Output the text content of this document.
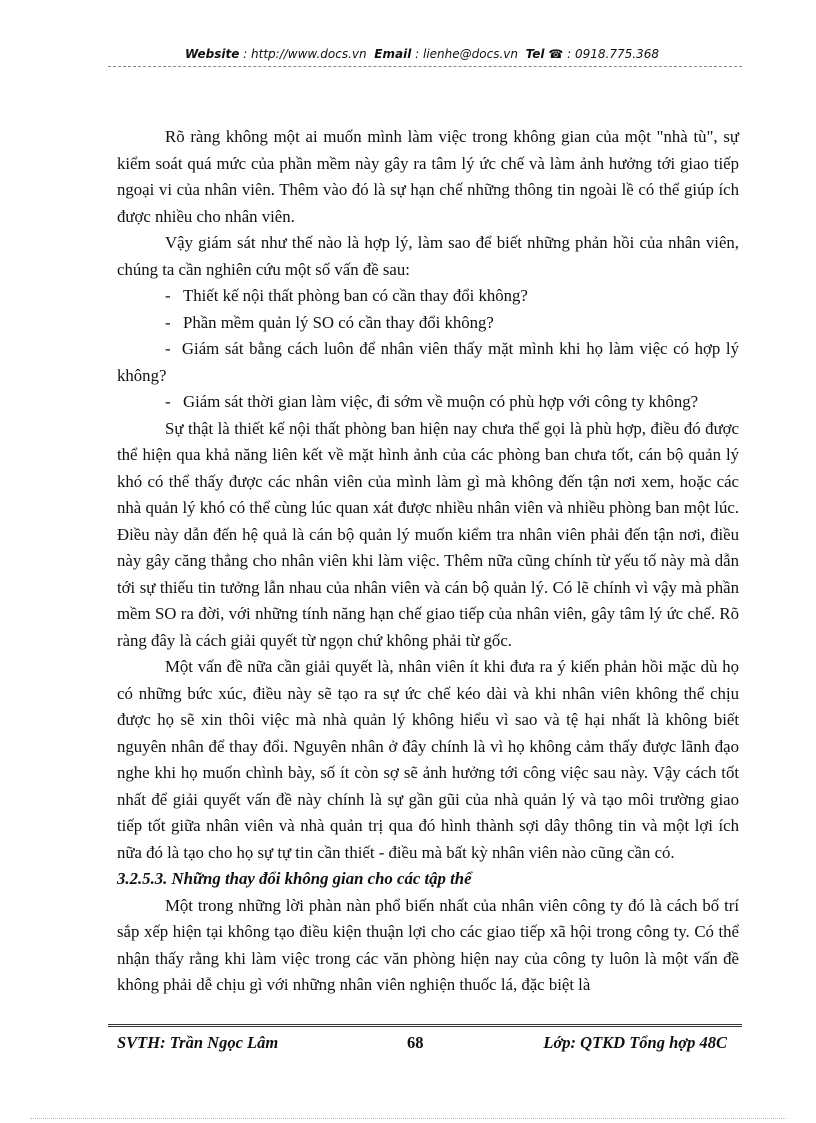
Website : http://www.docs.vn Email : lienhe@docs.vn Tel ☎ : 0918.775.368

Rõ ràng không một ai muốn mình làm việc trong không gian của một "nhà tù", sự kiểm soát quá mức của phần mềm này gây ra tâm lý ức chế và làm ảnh hưởng tới giao tiếp ngoại vi của nhân viên. Thêm vào đó là sự hạn chế những thông tin ngoài lề có thể giúp ích được nhiều cho nhân viên.

Vậy giám sát như thế nào là hợp lý, làm sao để biết những phản hồi của nhân viên, chúng ta cần nghiên cứu một số vấn đề sau:

- Thiết kế nội thất phòng ban có cần thay đổi không?

- Phần mềm quản lý SO có cần thay đổi không?

-  Giám sát bằng cách luôn để nhân viên thấy mặt mình khi họ làm việc có hợp lý không?

- Giám sát thời gian làm việc, đi sớm về muộn có phù hợp với công ty không?

Sự thật là thiết kế nội thất phòng ban hiện nay chưa thể gọi là phù hợp, điều đó được thể hiện qua khả năng liên kết về mặt hình ảnh của các phòng ban chưa tốt, cán bộ quản lý khó có thể thấy được các nhân viên của mình làm gì mà không đến tận nơi xem, hoặc các nhà quản lý khó có thể cùng lúc quan xát được nhiều nhân viên và nhiều phòng ban một lúc. Điều này dẫn đến hệ quả là cán bộ quản lý muốn kiểm tra nhân viên phải đến tận nơi, điều này gây căng thẳng cho nhân viên khi làm việc. Thêm nữa cũng chính từ yếu tố này mà dẫn tới sự thiếu tin tưởng lẫn nhau của nhân viên và cán bộ quản lý. Có lẽ chính vì vậy mà phần mềm SO ra đời, với những tính năng hạn chế giao tiếp của nhân viên, gây tâm lý ức chế. Rõ ràng đây là cách giải quyết từ ngọn chứ không phải từ gốc.

Một vấn đề nữa cần giải quyết là, nhân viên ít khi đưa ra ý kiến phản hồi mặc dù họ có những bức xúc, điều này sẽ tạo ra sự ức chế kéo dài và khi nhân viên không thể chịu được họ sẽ xin thôi việc mà nhà quản lý không hiểu vì sao và tệ hại nhất là không biết nguyên nhân để thay đổi. Nguyên nhân ở đây chính là vì họ không cảm thấy được lãnh đạo nghe khi họ muốn chình bày, số ít còn sợ sẽ ảnh hưởng tới công việc sau này. Vậy cách tốt nhất để giải quyết vấn đề này chính là sự gần gũi của nhà quản lý và tạo môi trường giao tiếp tốt giữa nhân viên và nhà quản trị qua đó hình thành sợi dây thông tin và một lợi ích nữa đó là tạo cho họ sự tự tin cần thiết - điều mà bất kỳ nhân viên nào cũng cần có.

3.2.5.3. Những thay đổi không gian cho các tập thể

Một trong những lời phàn nàn phổ biến nhất của nhân viên công ty đó là cách bố trí sắp xếp hiện tại không tạo điều kiện thuận lợi cho các giao tiếp xã hội trong công ty. Có thể nhận thấy rằng khi làm việc trong các văn phòng hiện nay của công ty luôn là một vấn đề không phải dễ chịu gì với những nhân viên nghiện thuốc lá, đặc biệt là

SVTH: Trần Ngọc Lâm	68	Lớp: QTKD Tổng hợp 48C
